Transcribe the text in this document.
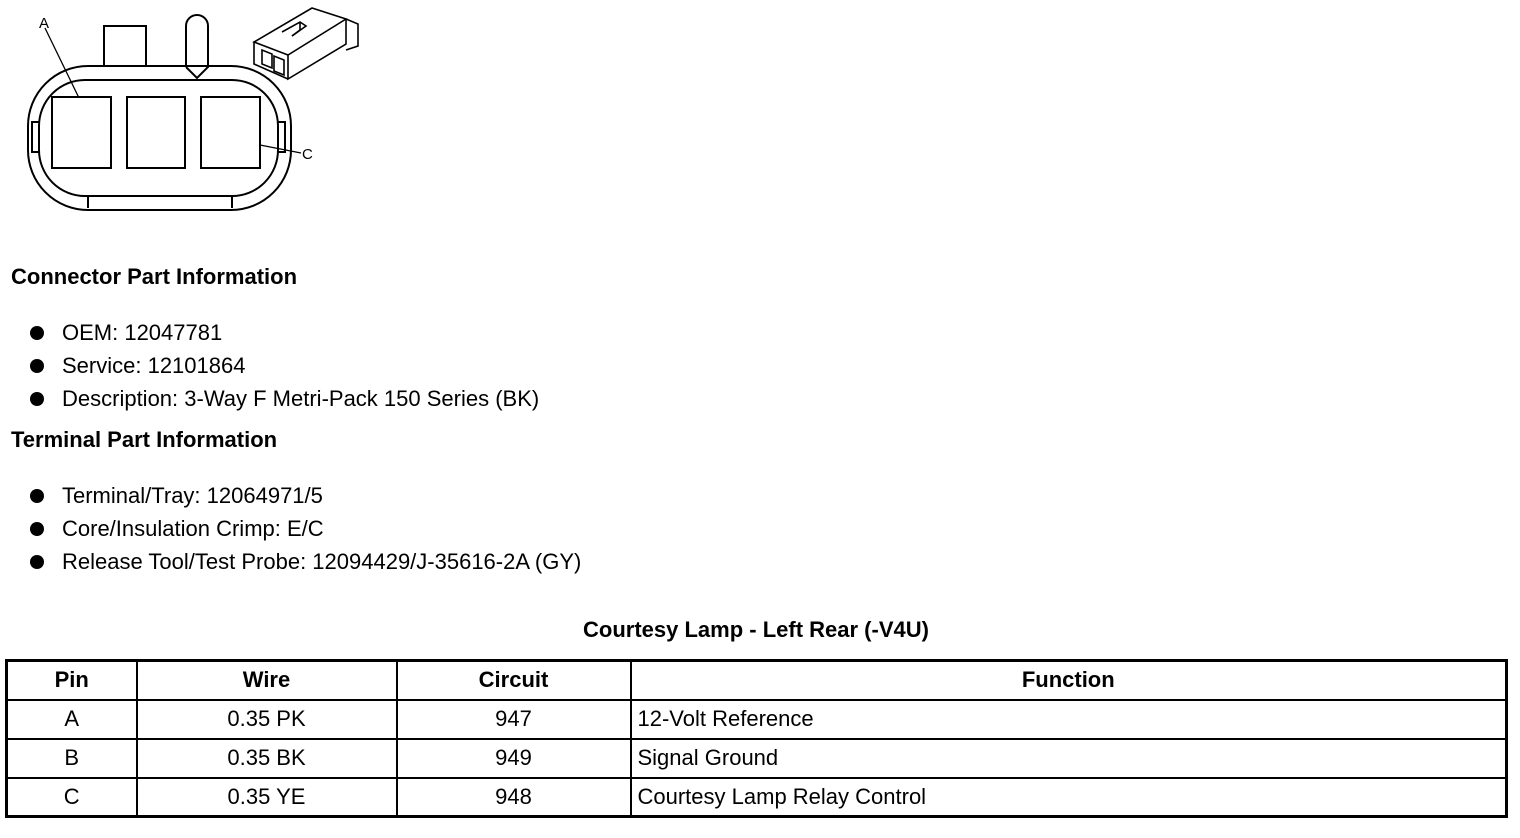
A
C
Connector Part Information
OEM: 12047781
Service: 12101864
Description: 3-Way F Metri-Pack 150 Series (BK)
Terminal Part Information
Terminal/Tray: 12064971/5
Core/Insulation Crimp: E/C
Release Tool/Test Probe: 12094429/J-35616-2A (GY)
Courtesy Lamp - Left Rear (-V4U)
Pin	Wire	Circuit	Function
A	0.35 PK	947	12-Volt Reference
B	0.35 BK	949	Signal Ground
C	0.35 YE	948	Courtesy Lamp Relay Control
